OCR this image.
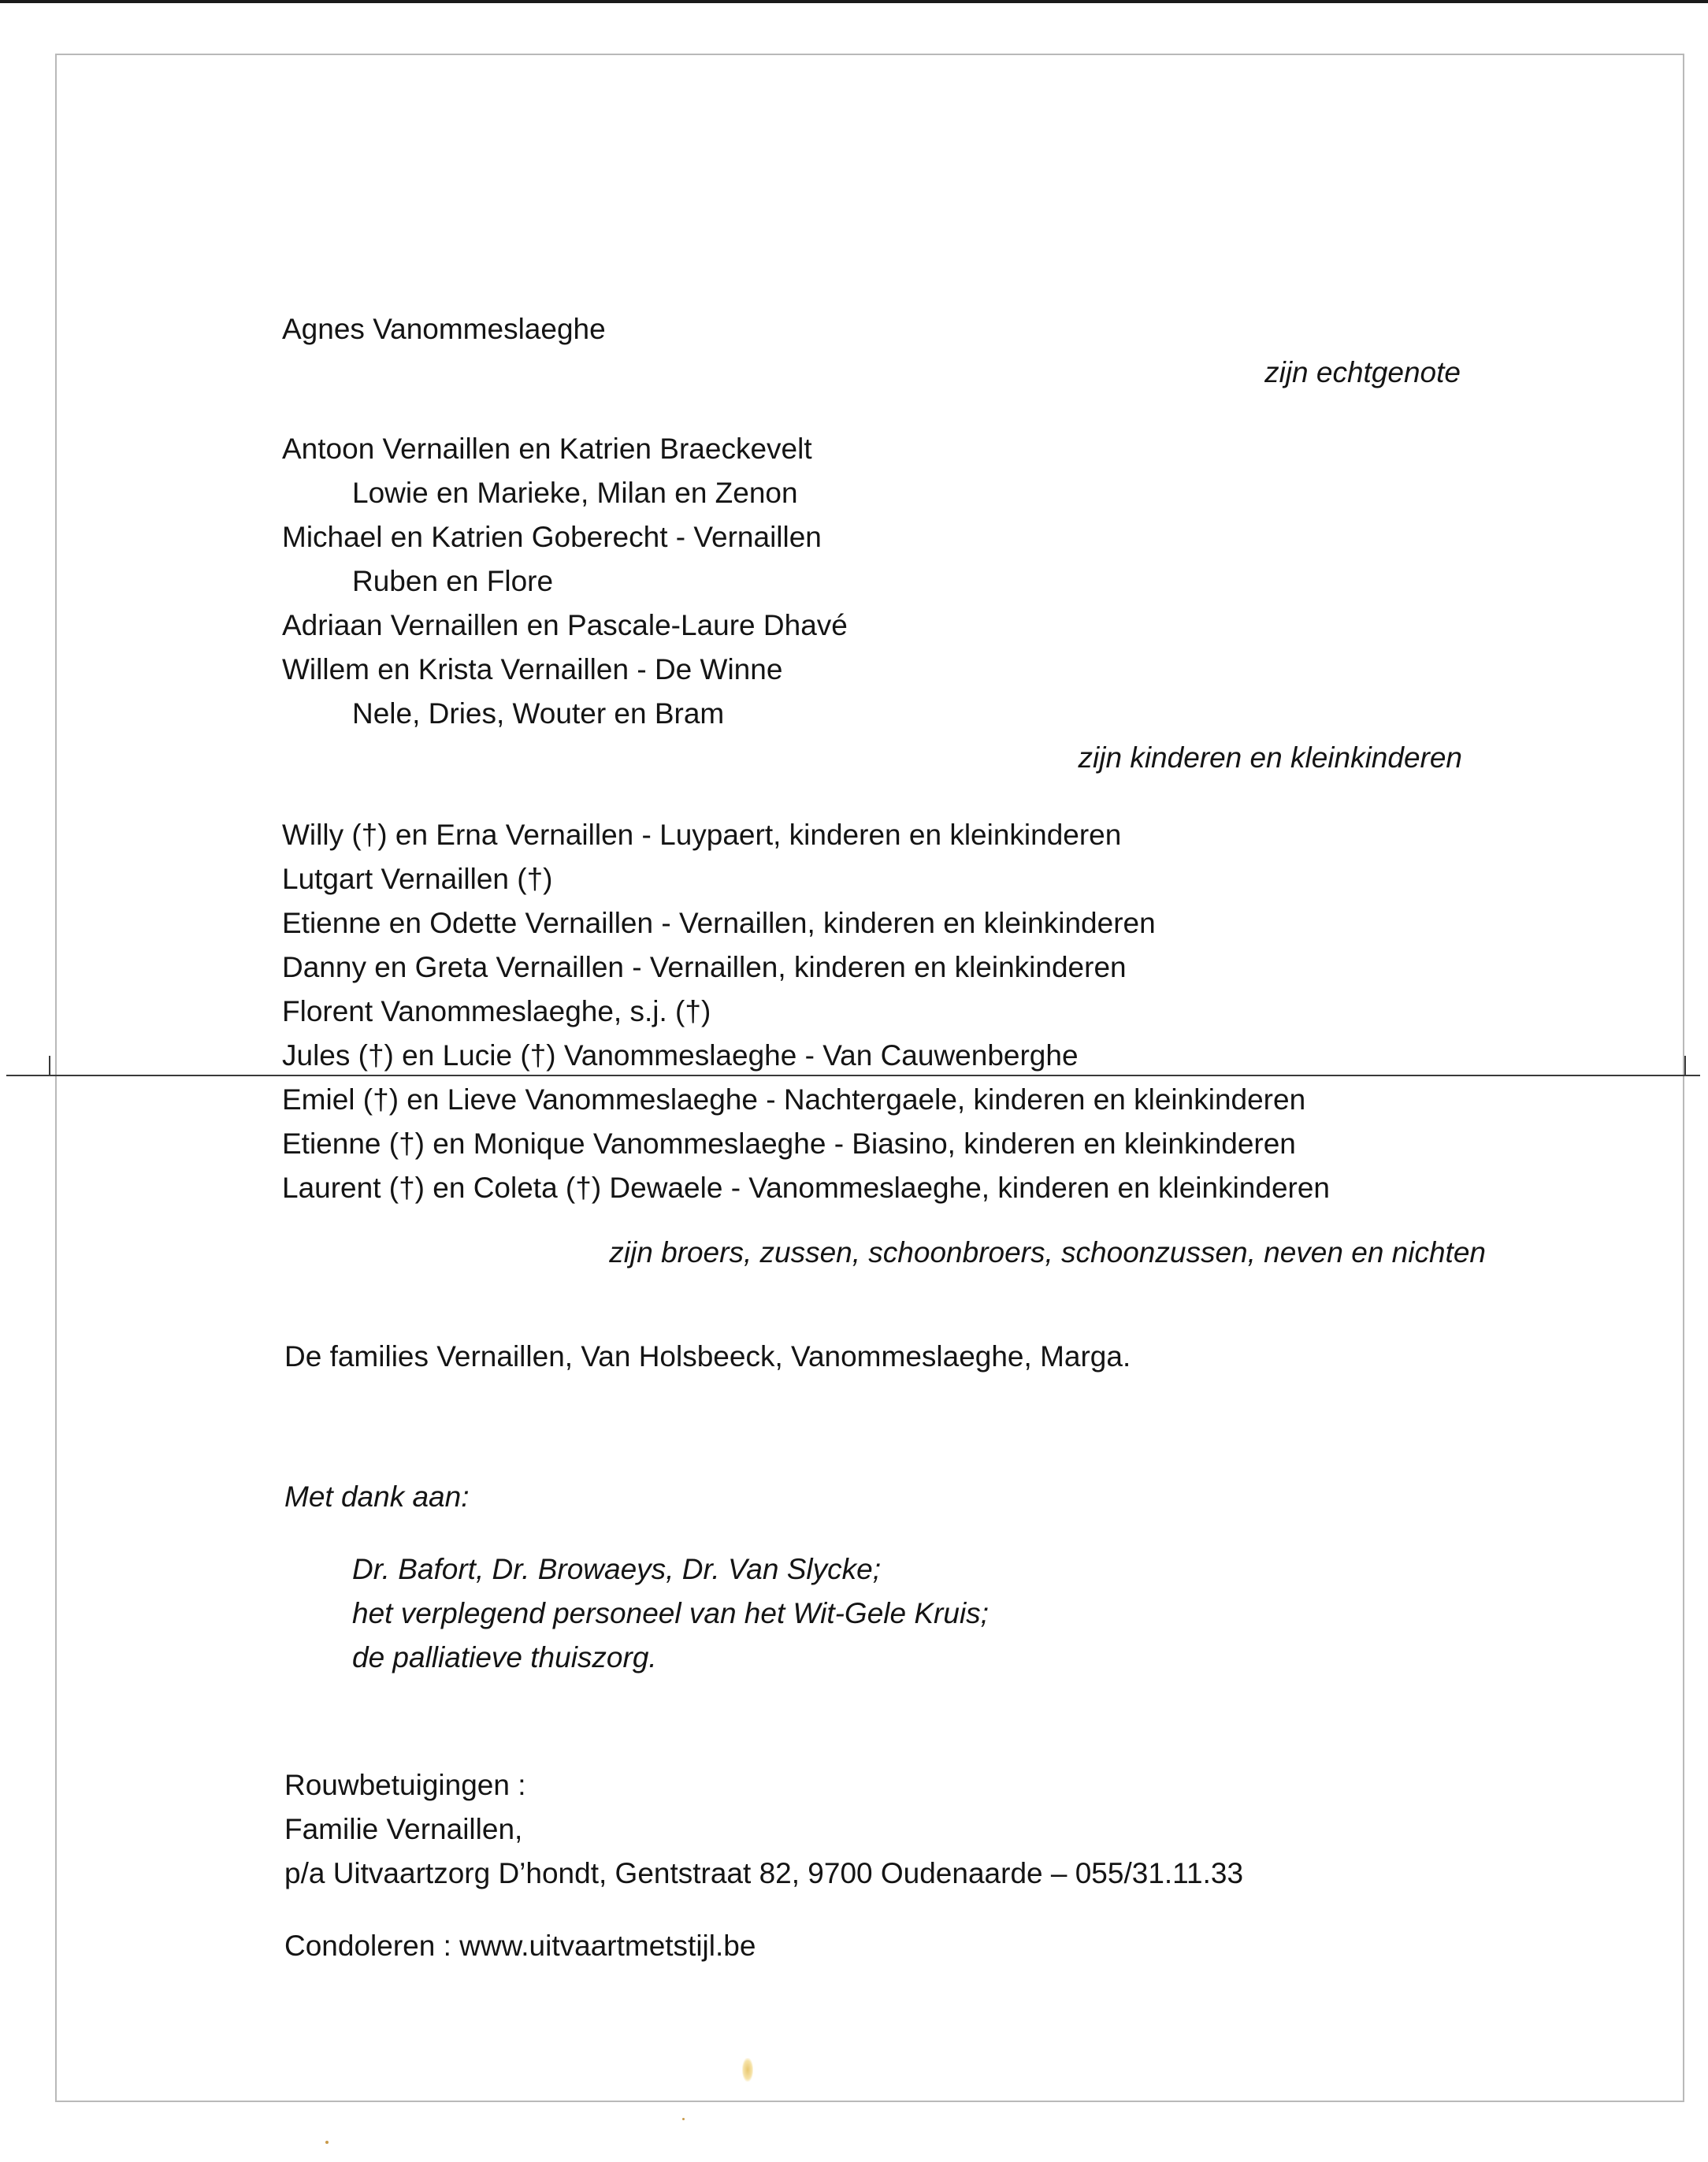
Agnes Vanommeslaeghe
zijn echtgenote
Antoon Vernaillen en Katrien Braeckevelt
Lowie en Marieke, Milan en Zenon
Michael en Katrien Goberecht - Vernaillen
Ruben en Flore
Adriaan Vernaillen en Pascale-Laure Dhavé
Willem en Krista Vernaillen - De Winne
Nele, Dries, Wouter en Bram
zijn kinderen en kleinkinderen
Willy (†) en Erna Vernaillen - Luypaert, kinderen en kleinkinderen
Lutgart Vernaillen (†)
Etienne en Odette Vernaillen - Vernaillen, kinderen en kleinkinderen
Danny en Greta Vernaillen - Vernaillen, kinderen en kleinkinderen
Florent Vanommeslaeghe, s.j. (†)
Jules (†) en Lucie (†) Vanommeslaeghe - Van Cauwenberghe
Emiel (†) en Lieve Vanommeslaeghe - Nachtergaele, kinderen en kleinkinderen
Etienne (†) en Monique Vanommeslaeghe - Biasino, kinderen en kleinkinderen
Laurent (†) en Coleta (†) Dewaele - Vanommeslaeghe, kinderen en kleinkinderen
zijn broers, zussen, schoonbroers, schoonzussen, neven en nichten
De families Vernaillen, Van Holsbeeck, Vanommeslaeghe, Marga.
Met dank aan:
Dr. Bafort, Dr. Browaeys, Dr. Van Slycke;
het verplegend personeel van het Wit-Gele Kruis;
de palliatieve thuiszorg.
Rouwbetuigingen :
Familie Vernaillen,
p/a Uitvaartzorg D’hondt, Gentstraat 82, 9700 Oudenaarde – 055/31.11.33
Condoleren : www.uitvaartmetstijl.be
